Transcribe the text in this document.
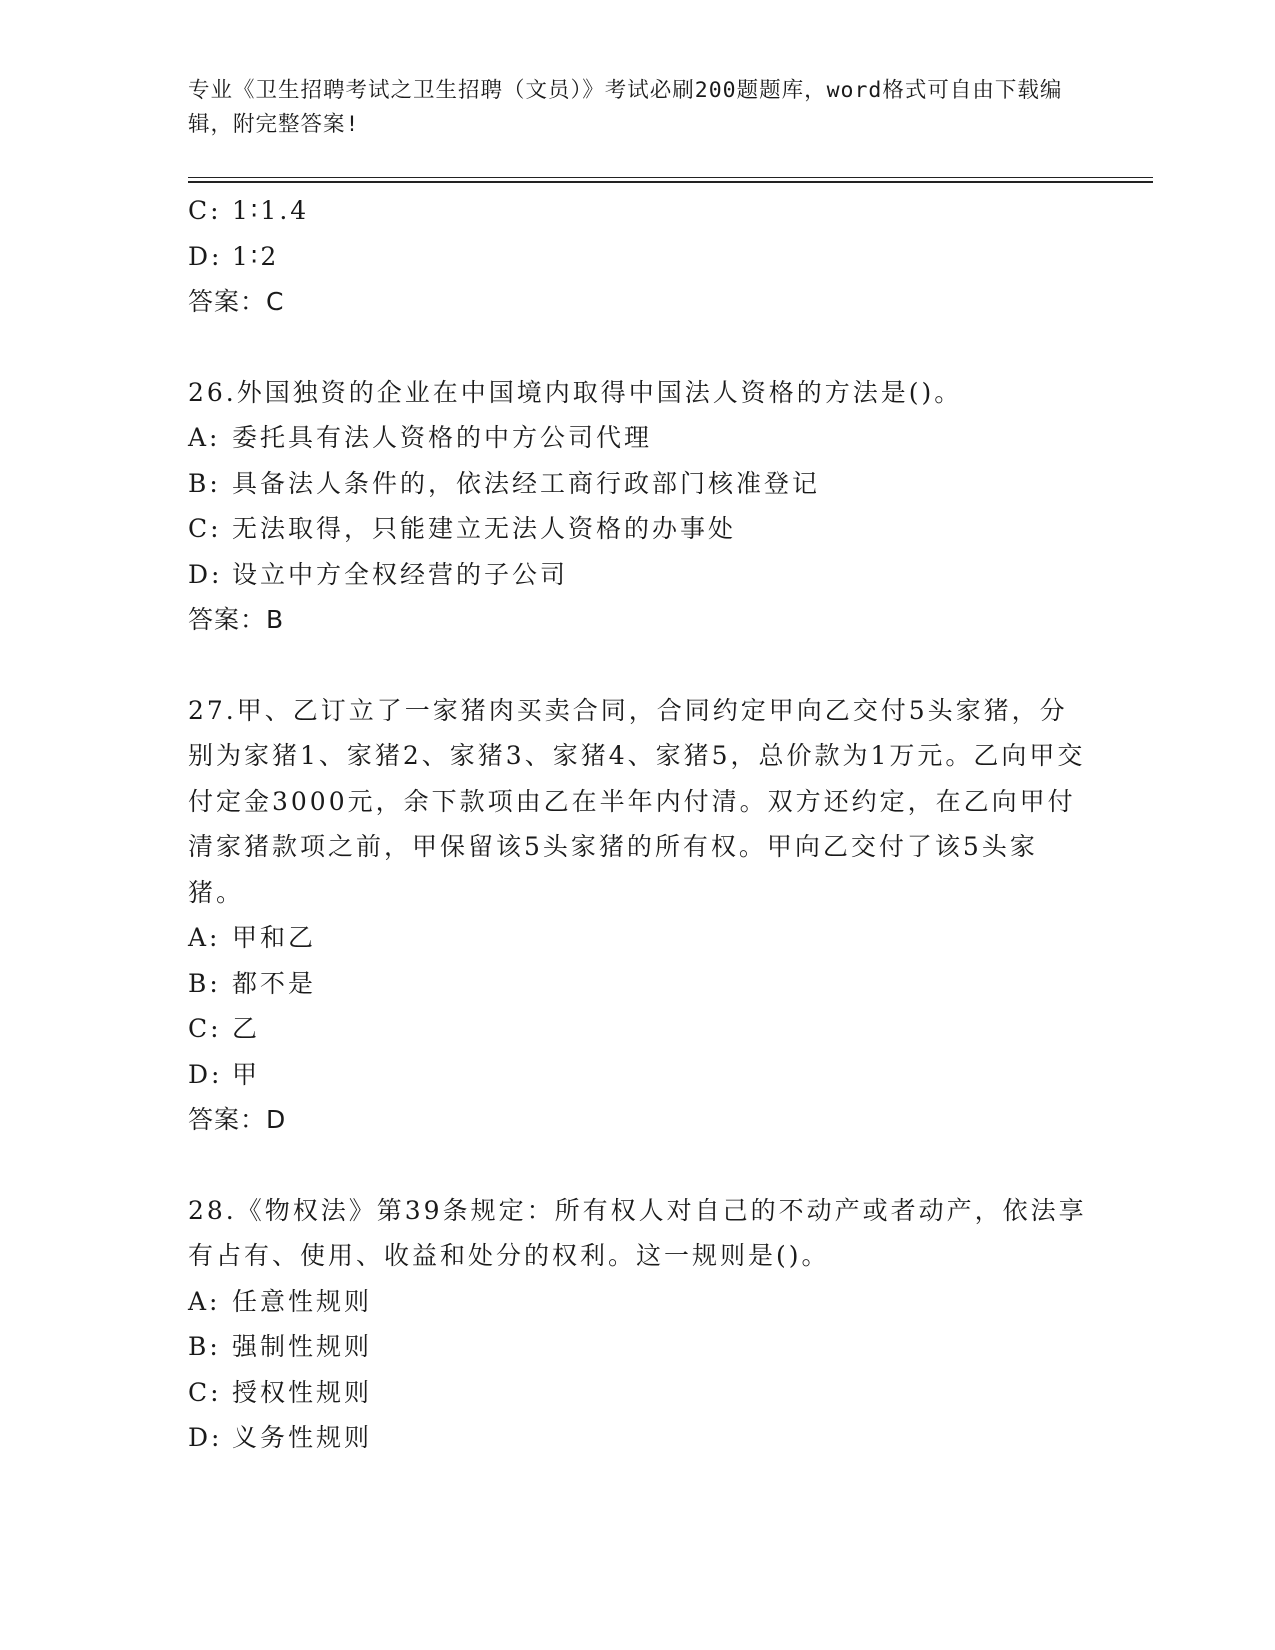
专业《卫生招聘考试之卫生招聘（文员）》考试必刷200题题库，word格式可自由下载编辑，附完整答案!
C: 1∶1.4
D: 1∶2
答案：C
26.外国独资的企业在中国境内取得中国法人资格的方法是()。
A: 委托具有法人资格的中方公司代理
B: 具备法人条件的，依法经工商行政部门核准登记
C: 无法取得，只能建立无法人资格的办事处
D: 设立中方全权经营的子公司
答案：B
27.甲、乙订立了一家猪肉买卖合同，合同约定甲向乙交付5头家猪，分别为家猪1、家猪2、家猪3、家猪4、家猪5，总价款为1万元。乙向甲交付定金3000元，余下款项由乙在半年内付清。双方还约定，在乙向甲付清家猪款项之前，甲保留该5头家猪的所有权。甲向乙交付了该5头家猪。
A: 甲和乙
B: 都不是
C: 乙
D: 甲
答案：D
28.《物权法》第39条规定：所有权人对自己的不动产或者动产，依法享有占有、使用、收益和处分的权利。这一规则是()。
A: 任意性规则
B: 强制性规则
C: 授权性规则
D: 义务性规则
